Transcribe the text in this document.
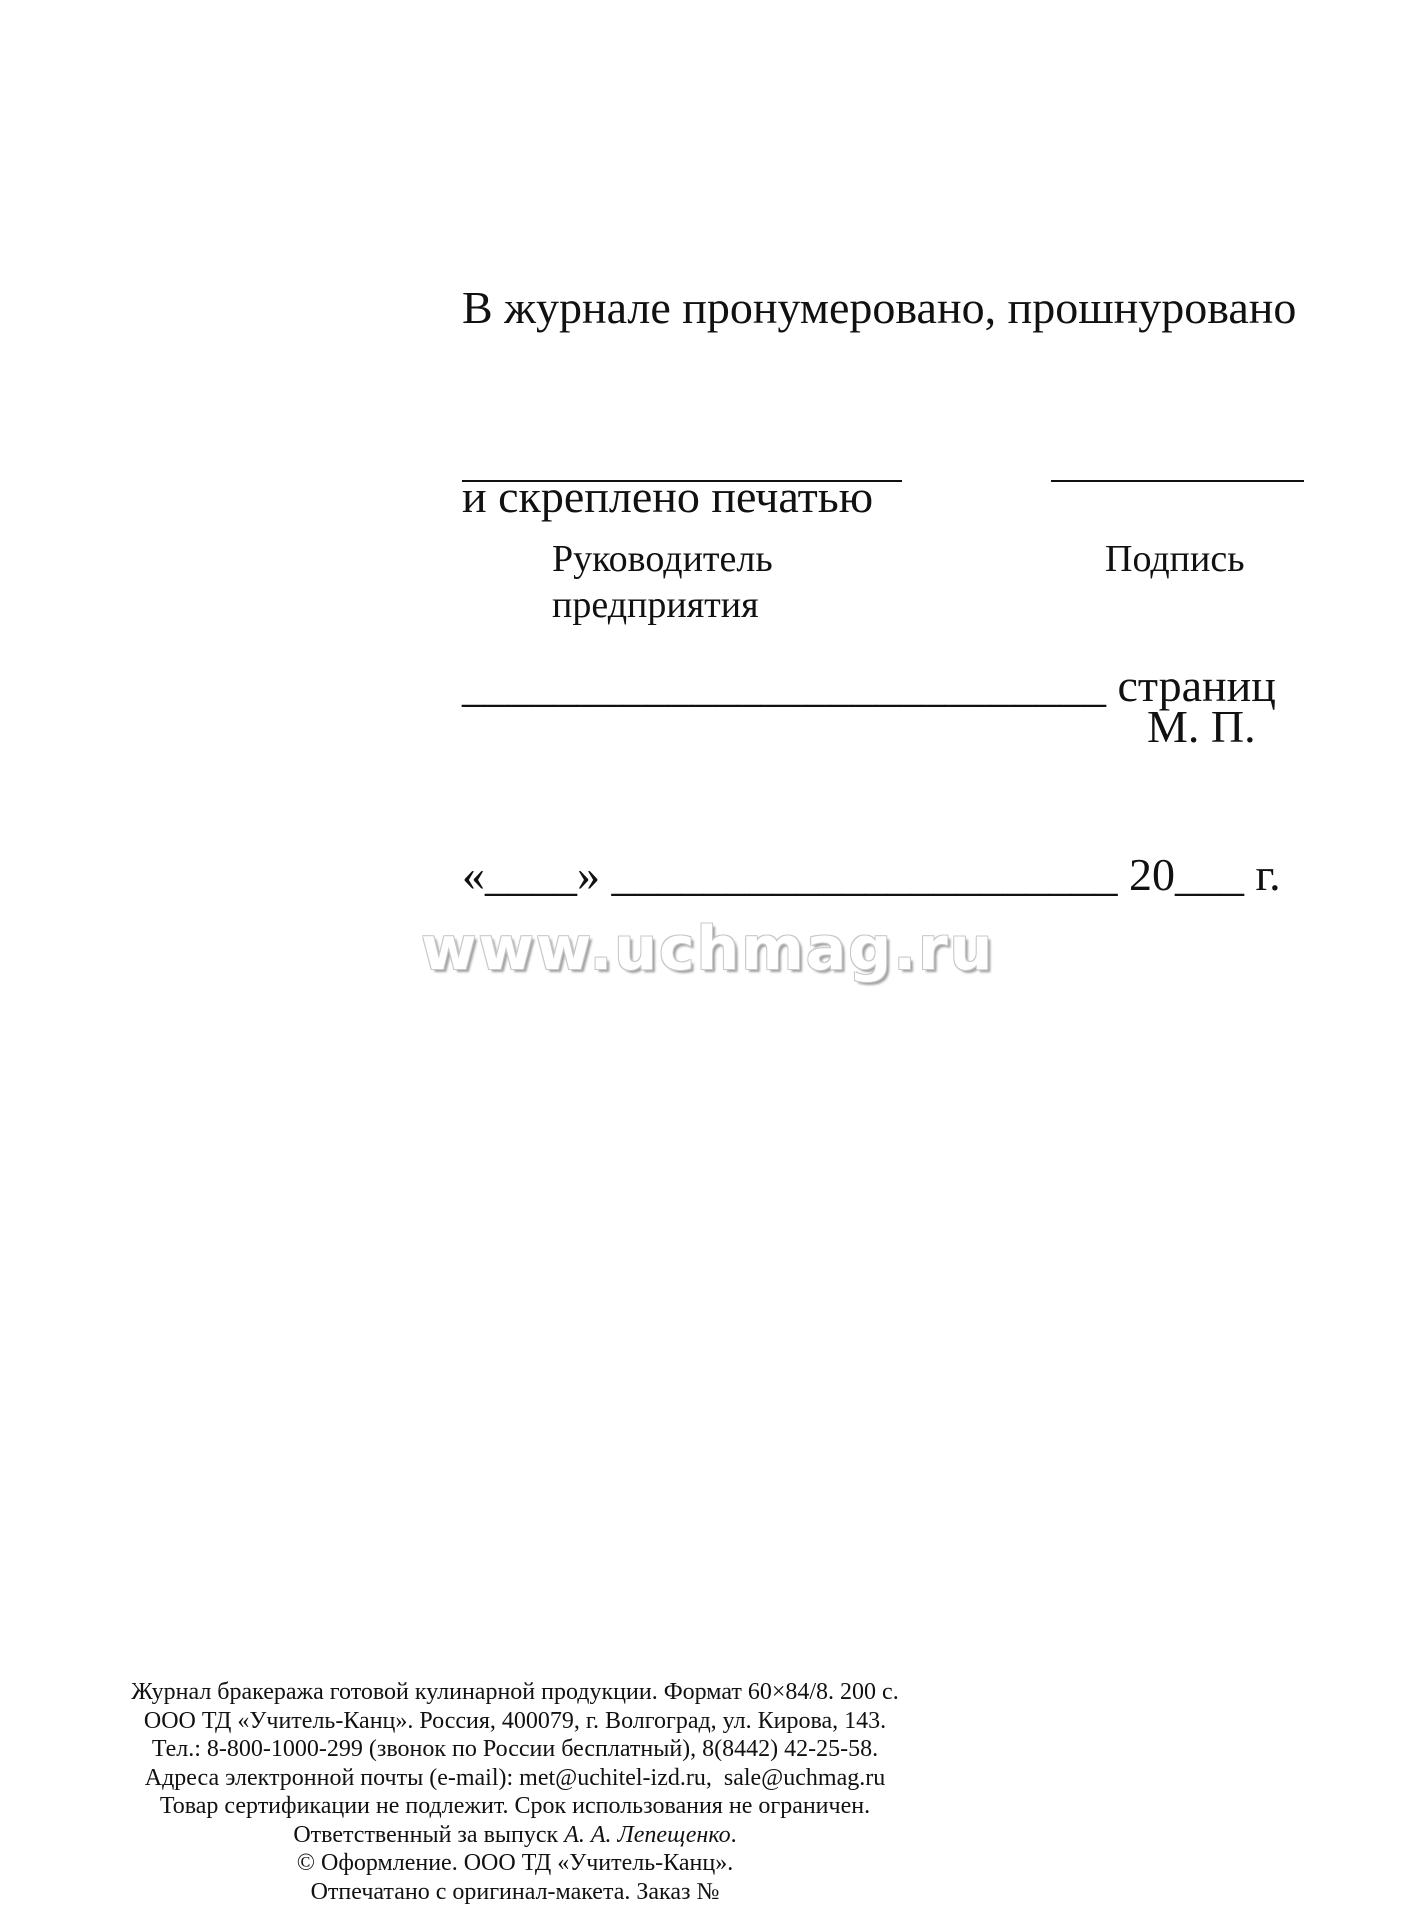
В журнале пронумеровано, прошнуровано

и скреплено печатью

____________________________ страниц

«____» ______________________ 20___ г.

Руководитель
предприятия
Подпись
М. П.
www.uchmag.ru
Журнал бракеража готовой кулинарной продукции. Формат 60×84/8. 200 с.
ООО ТД «Учитель-Канц». Россия, 400079, г. Волгоград, ул. Кирова, 143.
Тел.: 8-800-1000-299 (звонок по России бесплатный), 8(8442) 42-25-58.
Адреса электронной почты (e-mail): met@uchitel-izd.ru,  sale@uchmag.ru
Товар сертификации не подлежит. Срок использования не ограничен.
Ответственный за выпуск А. А. Лепещенко.
© Оформление. ООО ТД «Учитель-Канц».
Отпечатано с оригинал-макета. Заказ №
